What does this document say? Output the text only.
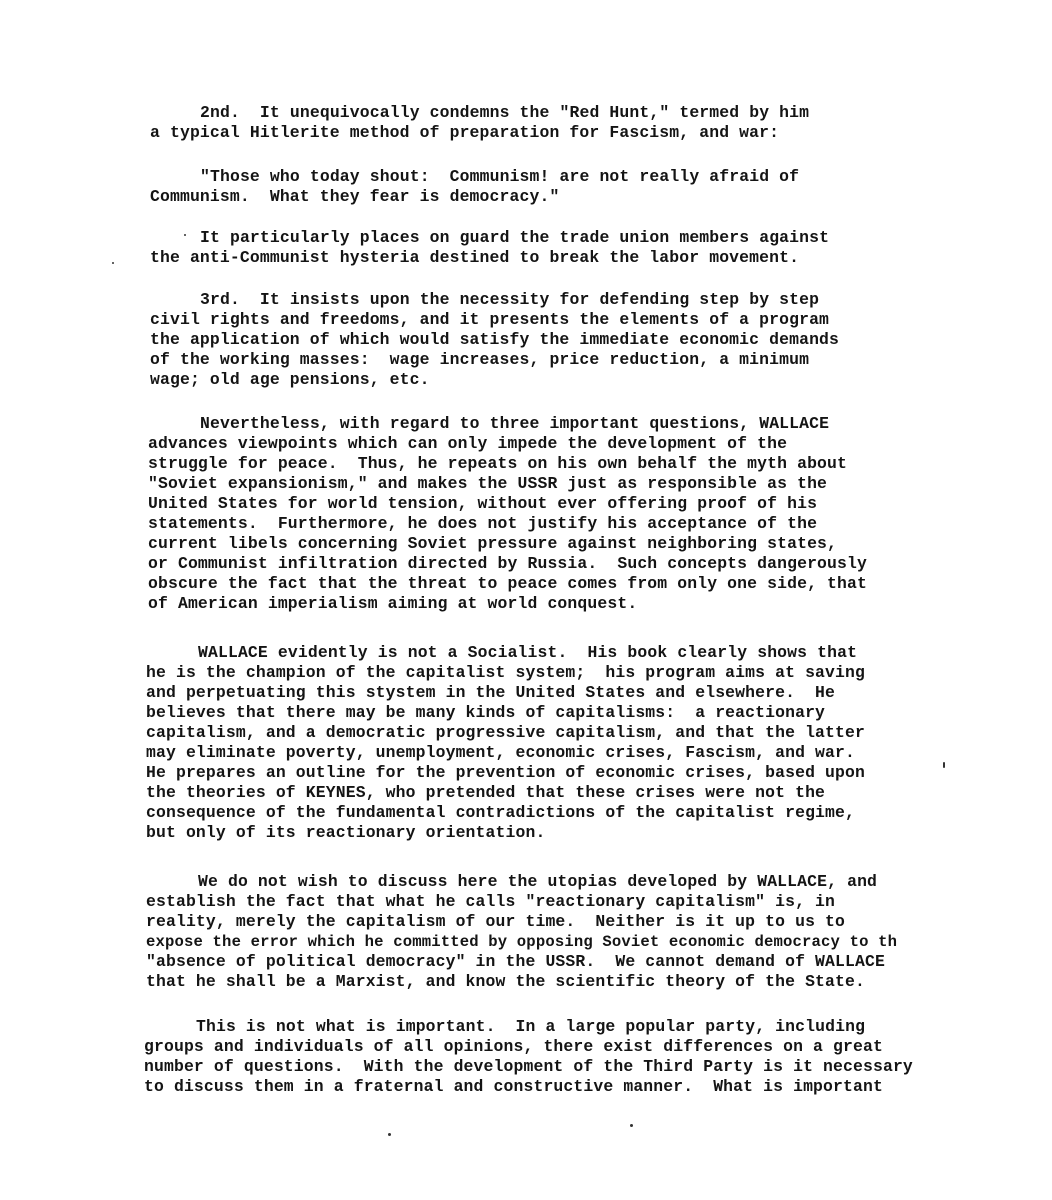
2nd.  It unequivocally condemns the "Red Hunt," termed by him
a typical Hitlerite method of preparation for Fascism, and war:
"Those who today shout:  Communism! are not really afraid of
Communism.  What they fear is democracy."
It particularly places on guard the trade union members against
the anti-Communist hysteria destined to break the labor movement.
3rd.  It insists upon the necessity for defending step by step
civil rights and freedoms, and it presents the elements of a program
the application of which would satisfy the immediate economic demands
of the working masses:  wage increases, price reduction, a minimum
wage; old age pensions, etc.
Nevertheless, with regard to three important questions, WALLACE
advances viewpoints which can only impede the development of the
struggle for peace.  Thus, he repeats on his own behalf the myth about
"Soviet expansionism," and makes the USSR just as responsible as the
United States for world tension, without ever offering proof of his
statements.  Furthermore, he does not justify his acceptance of the
current libels concerning Soviet pressure against neighboring states,
or Communist infiltration directed by Russia.  Such concepts dangerously
obscure the fact that the threat to peace comes from only one side, that
of American imperialism aiming at world conquest.
WALLACE evidently is not a Socialist.  His book clearly shows that
he is the champion of the capitalist system;  his program aims at saving
and perpetuating this stystem in the United States and elsewhere.  He
believes that there may be many kinds of capitalisms:  a reactionary
capitalism, and a democratic progressive capitalism, and that the latter
may eliminate poverty, unemployment, economic crises, Fascism, and war.
He prepares an outline for the prevention of economic crises, based upon
the theories of KEYNES, who pretended that these crises were not the
consequence of the fundamental contradictions of the capitalist regime,
but only of its reactionary orientation.
We do not wish to discuss here the utopias developed by WALLACE, and
establish the fact that what he calls "reactionary capitalism" is, in
reality, merely the capitalism of our time.  Neither is it up to us to
expose the error which he committed by opposing Soviet economic democracy to th
"absence of political democracy" in the USSR.  We cannot demand of WALLACE
that he shall be a Marxist, and know the scientific theory of the State.
This is not what is important.  In a large popular party, including
groups and individuals of all opinions, there exist differences on a great
number of questions.  With the development of the Third Party is it necessary
to discuss them in a fraternal and constructive manner.  What is important
